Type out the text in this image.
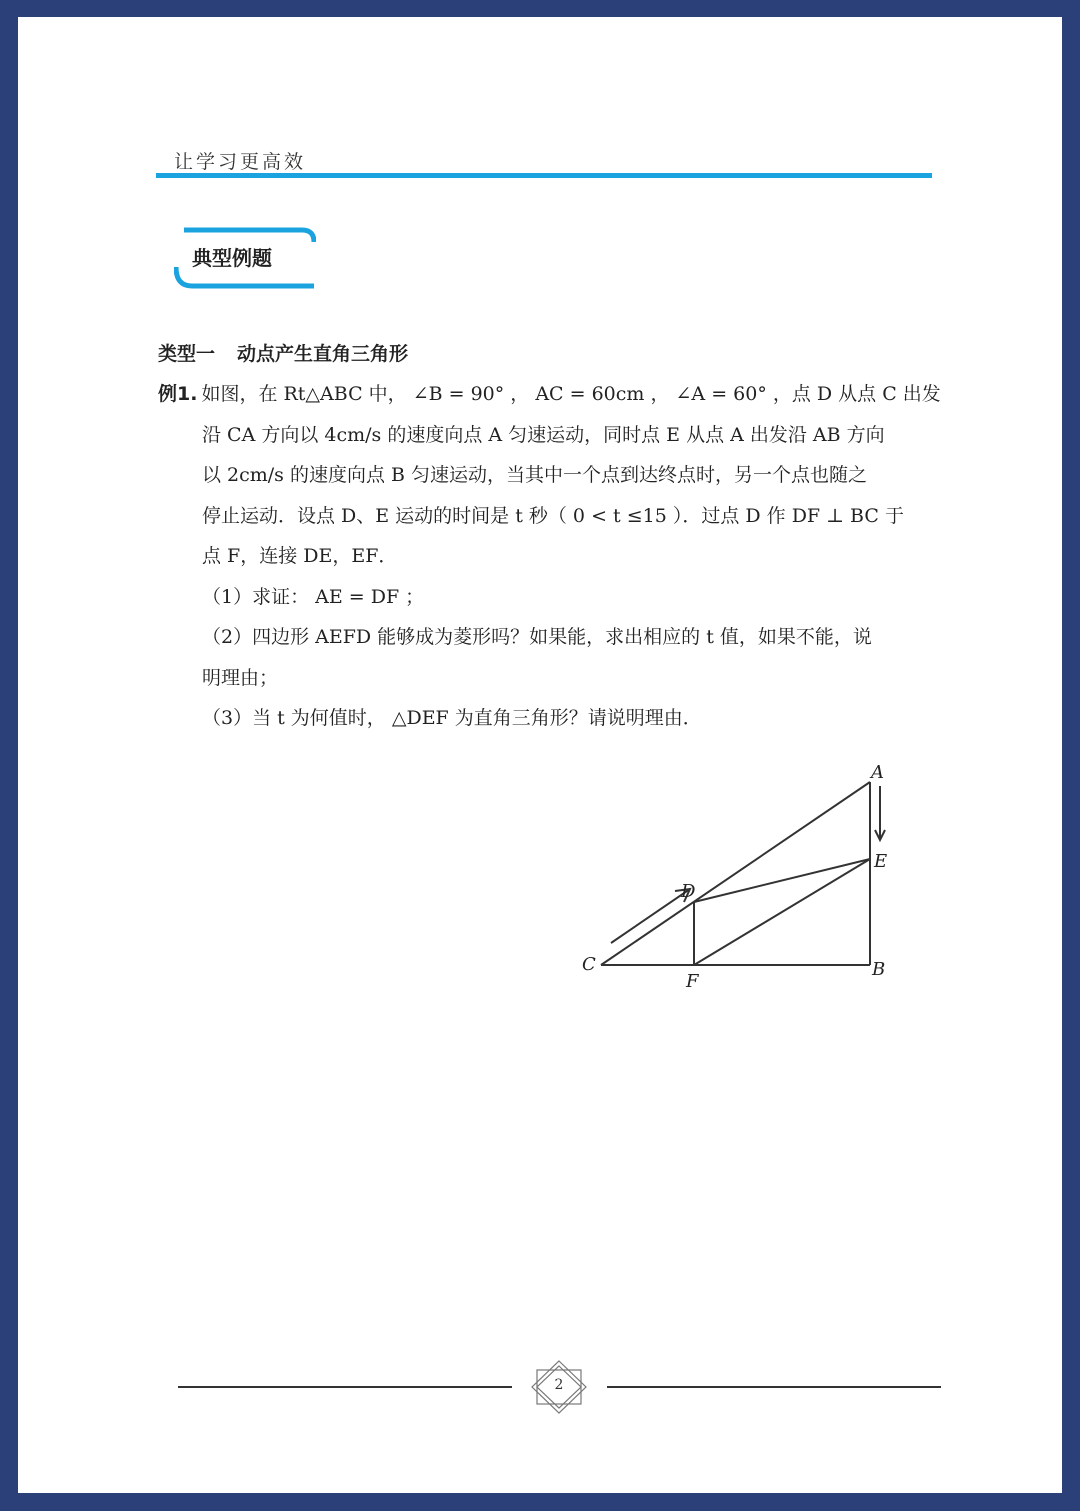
让学习更高效
典型例题
类型一 动点产生直角三角形
例1. 如图，在 Rt△ABC 中， ∠B = 90° ， AC = 60cm ， ∠A = 60° ，点 D 从点 C 出发
沿 CA 方向以 4cm/s 的速度向点 A 匀速运动，同时点 E 从点 A 出发沿 AB 方向
以 2cm/s 的速度向点 B 匀速运动，当其中一个点到达终点时，另一个点也随之
停止运动．设点 D、E 运动的时间是 t 秒（ 0 < t ≤15 ）．过点 D 作 DF ⊥ BC 于
点 F，连接 DE，EF．
（1）求证： AE = DF ；
（2）四边形 AEFD 能够成为菱形吗？如果能，求出相应的 t 值，如果不能，说
明理由；
（3）当 t 为何值时， △DEF 为直角三角形？请说明理由．
A
B
C
D
E
F
2
